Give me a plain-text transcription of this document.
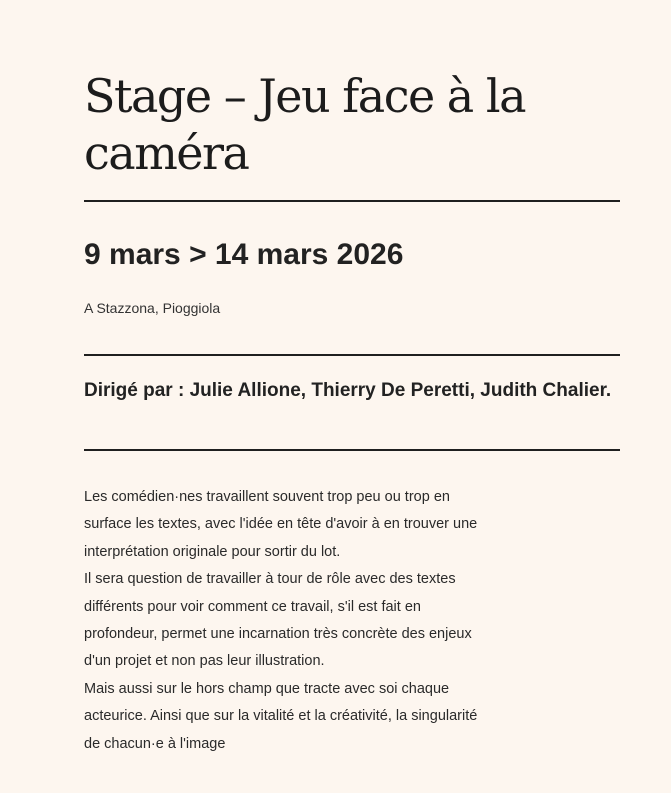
Stage – Jeu face à la caméra
9 mars > 14 mars 2026

A Stazzona, Pioggiola

Dirigé par : Julie Allione, Thierry De Peretti, Judith Chalier.

Les comédien·nes travaillent souvent trop peu ou trop en
surface les textes, avec l'idée en tête d'avoir à en trouver une
interprétation originale pour sortir du lot.
Il sera question de travailler à tour de rôle avec des textes
différents pour voir comment ce travail, s'il est fait en
profondeur, permet une incarnation très concrète des enjeux
d'un projet et non pas leur illustration.
Mais aussi sur le hors champ que tracte avec soi chaque
acteurice. Ainsi que sur la vitalité et la créativité, la singularité
de chacun·e à l'image
